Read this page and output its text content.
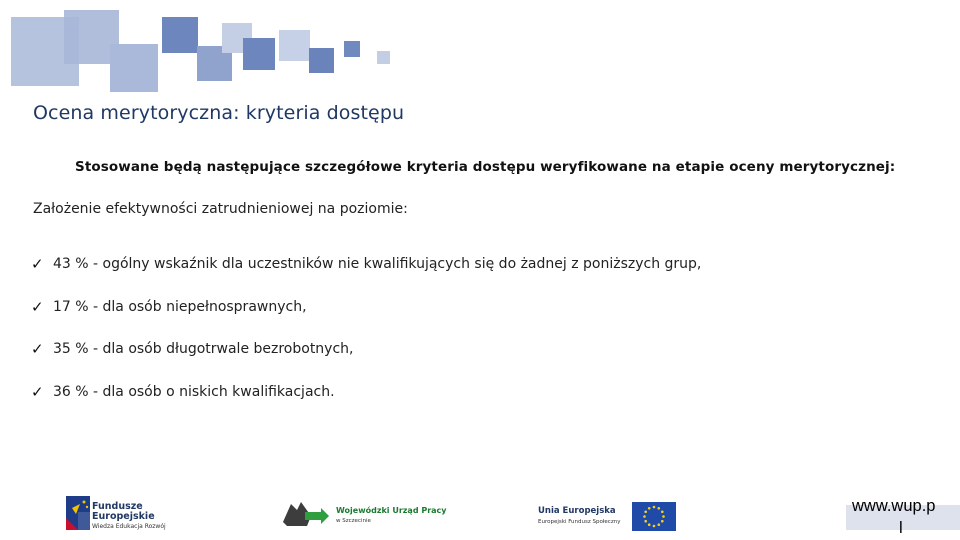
Ocena merytoryczna: kryteria dostępu
Stosowane będą następujące szczegółowe kryteria dostępu weryfikowane na etapie oceny merytorycznej:
Założenie efektywności zatrudnieniowej na poziomie:
✓ 43 % - ogólny wskaźnik dla uczestników nie kwalifikujących się do żadnej z poniższych grup,
✓ 17 % - dla osób niepełnosprawnych,
✓ 35 % - dla osób długotrwale bezrobotnych,
✓ 36 % - dla osób o niskich kwalifikacjach.
Fundusze
Europejskie
Wiedza Edukacja Rozwój
Wojewódzki Urząd Pracy
w Szczecinie
Unia Europejska
Europejski Fundusz Społeczny
www.wup.p
l
